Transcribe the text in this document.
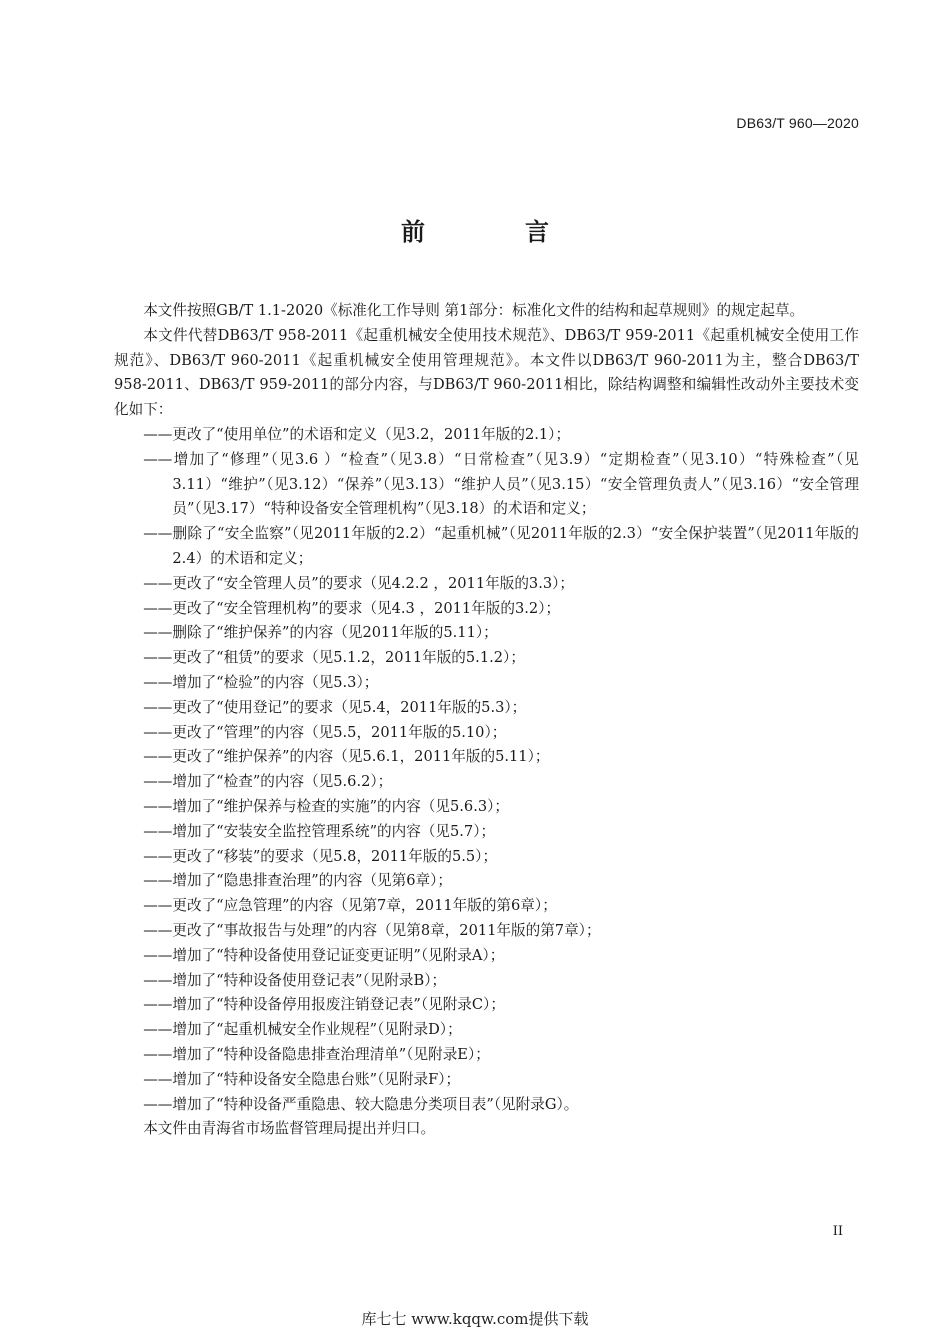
DB63/T 960—2020
前　言

本文件按照GB/T 1.1-2020《标准化工作导则 第1部分：标准化文件的结构和起草规则》的规定起草。

本文件代替DB63/T 958-2011《起重机械安全使用技术规范》、DB63/T 959-2011《起重机械安全使用工作规范》、DB63/T 960-2011《起重机械安全使用管理规范》。本文件以DB63/T 960-2011为主，整合DB63/T 958-2011、DB63/T 959-2011的部分内容，与DB63/T 960-2011相比，除结构调整和编辑性改动外主要技术变化如下：

——更改了“使用单位”的术语和定义（见3.2，2011年版的2.1）；

——增加了“修理”（见3.6 ）“检查”（见3.8）“日常检查”（见3.9）“定期检查”（见3.10）“特殊检查”（见3.11）“维护”（见3.12）“保养”（见3.13）“维护人员”（见3.15）“安全管理负责人”（见3.16）“安全管理员”（见3.17）“特种设备安全管理机构”（见3.18）的术语和定义；

——删除了“安全监察”（见2011年版的2.2）“起重机械”（见2011年版的2.3）“安全保护装置”（见2011年版的2.4）的术语和定义；

——更改了“安全管理人员”的要求（见4.2.2 ，2011年版的3.3）；

——更改了“安全管理机构”的要求（见4.3 ，2011年版的3.2）；

——删除了“维护保养”的内容（见2011年版的5.11）；

——更改了“租赁”的要求（见5.1.2，2011年版的5.1.2）；

——增加了“检验”的内容（见5.3）；

——更改了“使用登记”的要求（见5.4，2011年版的5.3）；

——更改了“管理”的内容（见5.5，2011年版的5.10）；

——更改了“维护保养”的内容（见5.6.1，2011年版的5.11）；

——增加了“检查”的内容（见5.6.2）；

——增加了“维护保养与检查的实施”的内容（见5.6.3）；

——增加了“安装安全监控管理系统”的内容（见5.7）；

——更改了“移装”的要求（见5.8，2011年版的5.5）；

——增加了“隐患排查治理”的内容（见第6章）；

——更改了“应急管理”的内容（见第7章，2011年版的第6章）；

——更改了“事故报告与处理”的内容（见第8章，2011年版的第7章）；

——增加了“特种设备使用登记证变更证明”（见附录A）；

——增加了“特种设备使用登记表”（见附录B）；

——增加了“特种设备停用报废注销登记表”（见附录C）；

——增加了“起重机械安全作业规程”（见附录D）；

——增加了“特种设备隐患排查治理清单”（见附录E）；

——增加了“特种设备安全隐患台账”（见附录F）；

——增加了“特种设备严重隐患、较大隐患分类项目表”（见附录G）。

本文件由青海省市场监督管理局提出并归口。

II
库七七 www.kqqw.com提供下载
